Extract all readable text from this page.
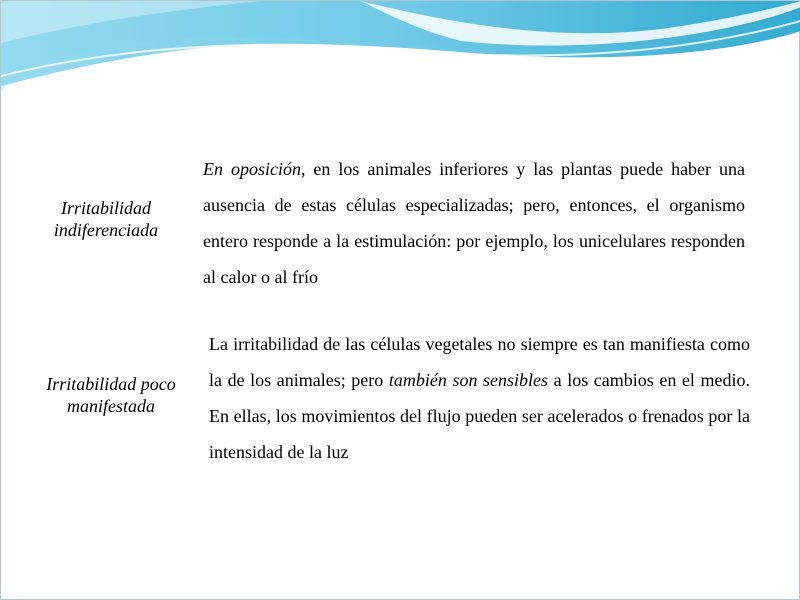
Irritabilidad
indiferenciada
En oposición, en los animales inferiores y las plantas puede haber una ausencia de estas células especializadas; pero, entonces, el organismo entero responde a la estimulación: por ejemplo, los unicelulares responden al calor o al frío
Irritabilidad poco
manifestada
La irritabilidad de las células vegetales no siempre es tan manifiesta como la de los animales; pero también son sensibles a los cambios en el medio. En ellas, los movimientos del flujo pueden ser acelerados o frenados por la intensidad de la luz
